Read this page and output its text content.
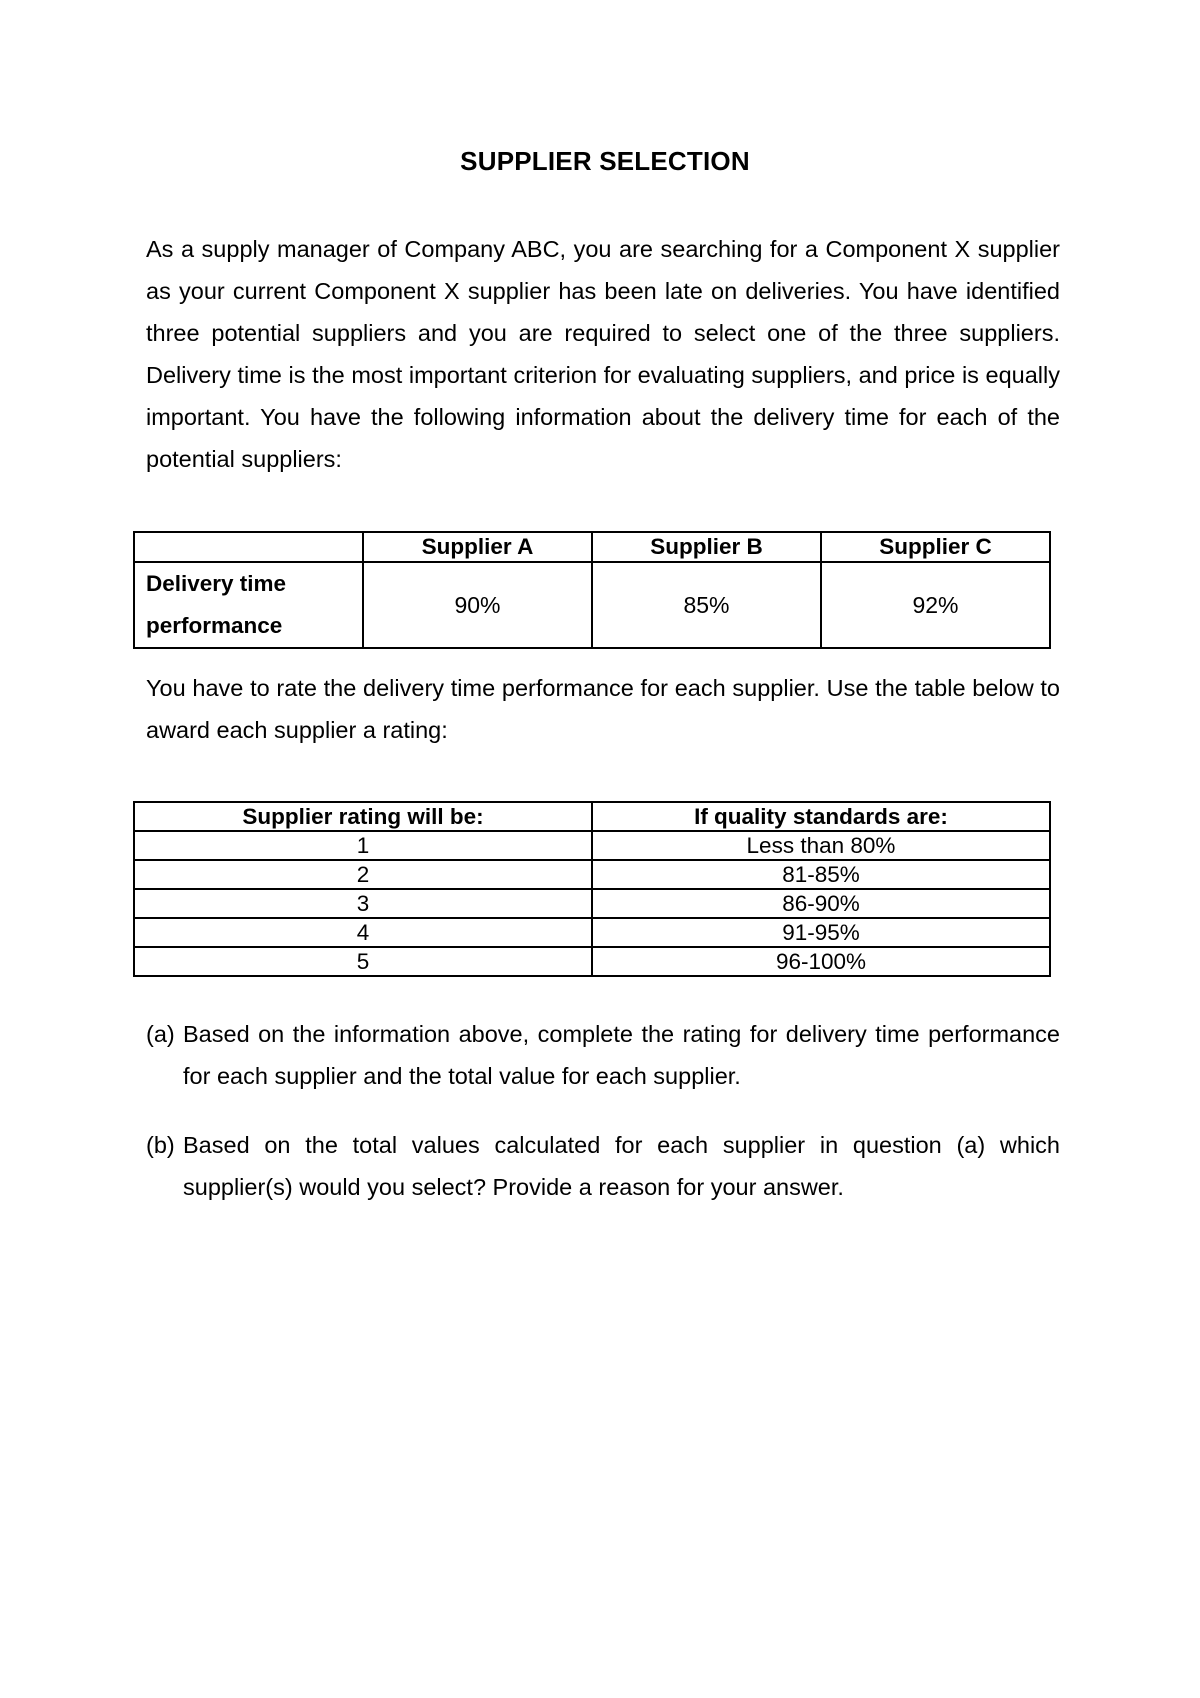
SUPPLIER SELECTION

As a supply manager of Company ABC, you are searching for a Component X supplier as your current Component X supplier has been late on deliveries. You have identified three potential suppliers and you are required to select one of the three suppliers. Delivery time is the most important criterion for evaluating suppliers, and price is equally important. You have the following information about the delivery time for each of the potential suppliers:

	Supplier A	Supplier B	Supplier C
Delivery time performance	90%	85%	92%

You have to rate the delivery time performance for each supplier. Use the table below to award each supplier a rating:

Supplier rating will be:	If quality standards are:
1	Less than 80%
2	81-85%
3	86-90%
4	91-95%
5	96-100%
(a) Based on the information above, complete the rating for delivery time performance for each supplier and the total value for each supplier.
(b) Based on the total values calculated for each supplier in question (a) which supplier(s) would you select? Provide a reason for your answer.
